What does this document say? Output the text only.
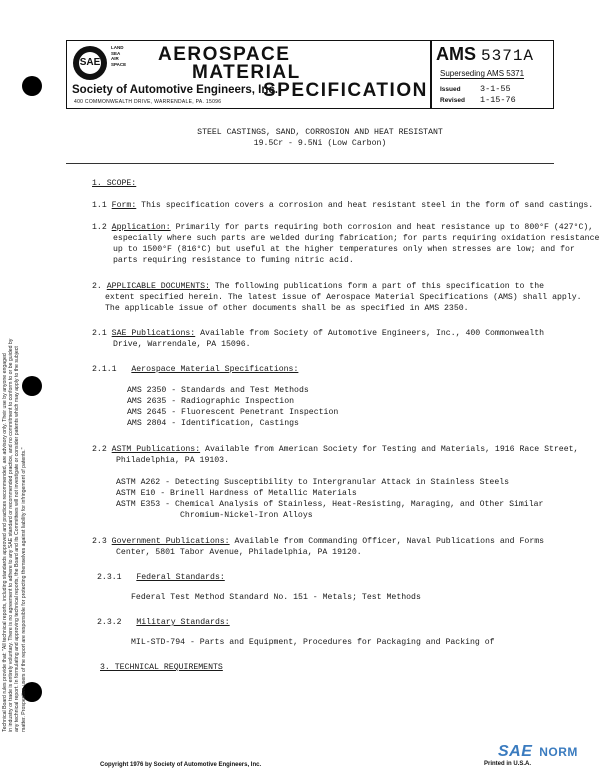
Technical Board rules provide that: "All technical reports, including standards approved and practices recommended, are advisory only. Their use by anyone engaged in industry or trade is entirely voluntary. There is no agreement to adhere to any SAE standard or recommended practice, and no commitment to conform to or be guided by any technical report. In formulating and approving technical reports, the Board and its Committees will not investigate or consider patents which may apply to the subject matter. Prospective users of the report are responsible for protecting themselves against liability for infringement of patents."
SAE
LAND
SEA
AIR
SPACE AEROSPACE
MATERIAL
SPECIFICATION
Society of Automotive Engineers, Inc.
400 COMMONWEALTH DRIVE, WARRENDALE, PA. 15096
AMS 5371A
Superseding AMS 5371
Issued 3-1-55
Revised 1-15-76
STEEL CASTINGS, SAND, CORROSION AND HEAT RESISTANT
19.5Cr - 9.5Ni (Low Carbon)
1. SCOPE:
1.1 Form: This specification covers a corrosion and heat resistant steel in the form of sand castings.
1.2 Application: Primarily for parts requiring both corrosion and heat resistance up to 800°F (427°C),
especially where such parts are welded during fabrication; for parts requiring oxidation resistance
up to 1500°F (816°C) but useful at the higher temperatures only when stresses are low; and for
parts requiring resistance to fuming nitric acid.
2. APPLICABLE DOCUMENTS: The following publications form a part of this specification to the
extent specified herein. The latest issue of Aerospace Material Specifications (AMS) shall apply.
The applicable issue of other documents shall be as specified in AMS 2350.
2.1 SAE Publications: Available from Society of Automotive Engineers, Inc., 400 Commonwealth
Drive, Warrendale, PA 15096.
2.1.1 Aerospace Material Specifications:
AMS 2350 - Standards and Test Methods
AMS 2635 - Radiographic Inspection
AMS 2645 - Fluorescent Penetrant Inspection
AMS 2804 - Identification, Castings
2.2 ASTM Publications: Available from American Society for Testing and Materials, 1916 Race Street,
Philadelphia, PA 19103.
ASTM A262 - Detecting Susceptibility to Intergranular Attack in Stainless Steels
ASTM E10 - Brinell Hardness of Metallic Materials
ASTM E353 - Chemical Analysis of Stainless, Heat-Resisting, Maraging, and Other Similar
Chromium-Nickel-Iron Alloys
2.3 Government Publications: Available from Commanding Officer, Naval Publications and Forms
Center, 5801 Tabor Avenue, Philadelphia, PA 19120.
2.3.1 Federal Standards:
Federal Test Method Standard No. 151 - Metals; Test Methods
2.3.2 Military Standards:
MIL-STD-794 - Parts and Equipment, Procedures for Packaging and Packing of
3. TECHNICAL REQUIREMENTS
Copyright 1976 by Society of Automotive Engineers, Inc.	Printed in U.S.A.
SAE NORM
